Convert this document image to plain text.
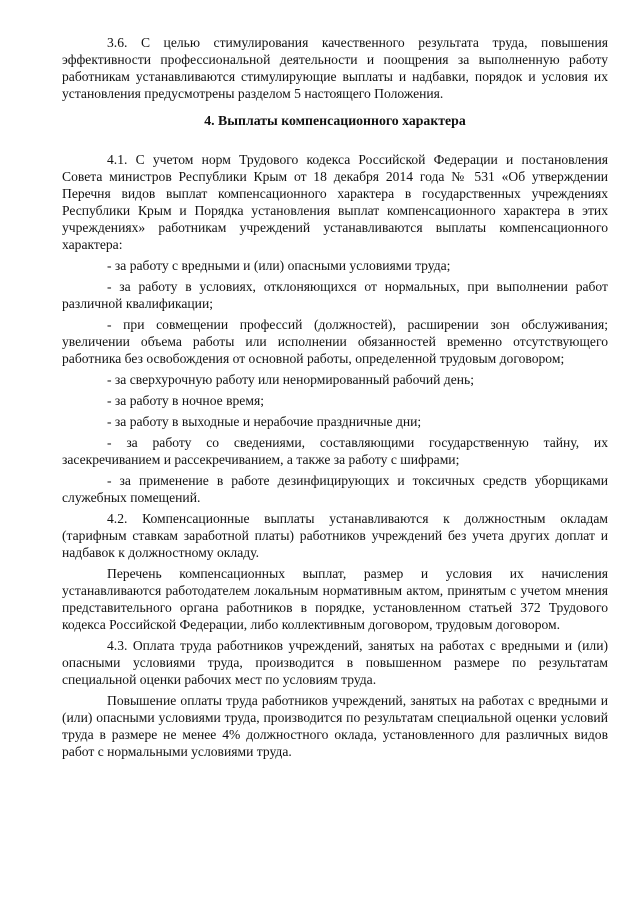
3.6. С целью стимулирования качественного результата труда, повышения эффективности профессиональной деятельности и поощрения за выполненную работу работникам устанавливаются стимулирующие выплаты и надбавки, порядок и условия их установления предусмотрены разделом 5 настоящего Положения.

4. Выплаты компенсационного характера

4.1. С учетом норм Трудового кодекса Российской Федерации и постановления Совета министров Республики Крым от 18 декабря 2014 года № 531 «Об утверждении Перечня видов выплат компенсационного характера в государственных учреждениях Республики Крым и Порядка установления выплат компенсационного характера в этих учреждениях» работникам учреждений устанавливаются выплаты компенсационного характера:

- за работу с вредными и (или) опасными условиями труда;

- за работу в условиях, отклоняющихся от нормальных, при выполнении работ различной квалификации;

- при совмещении профессий (должностей), расширении зон обслуживания; увеличении объема работы или исполнении обязанностей временно отсутствующего работника без освобождения от основной работы, определенной трудовым договором;

- за сверхурочную работу или ненормированный рабочий день;

- за работу в ночное время;

- за работу в выходные и нерабочие праздничные дни;

- за работу со сведениями, составляющими государственную тайну, их засекречиванием и рассекречиванием, а также за работу с шифрами;

- за применение в работе дезинфицирующих и токсичных средств уборщиками служебных помещений.

4.2. Компенсационные выплаты устанавливаются к должностным окладам (тарифным ставкам заработной платы) работников учреждений без учета других доплат и надбавок к должностному окладу.

Перечень компенсационных выплат, размер и условия их начисления устанавливаются работодателем локальным нормативным актом, принятым с учетом мнения представительного органа работников в порядке, установленном статьей 372 Трудового кодекса Российской Федерации, либо коллективным договором, трудовым договором.

4.3. Оплата труда работников учреждений, занятых на работах с вредными и (или) опасными условиями труда, производится в повышенном размере по результатам специальной оценки рабочих мест по условиям труда.

Повышение оплаты труда работников учреждений, занятых на работах с вредными и (или) опасными условиями труда, производится по результатам специальной оценки условий труда в размере не менее 4% должностного оклада, установленного для различных видов работ с нормальными условиями труда.
